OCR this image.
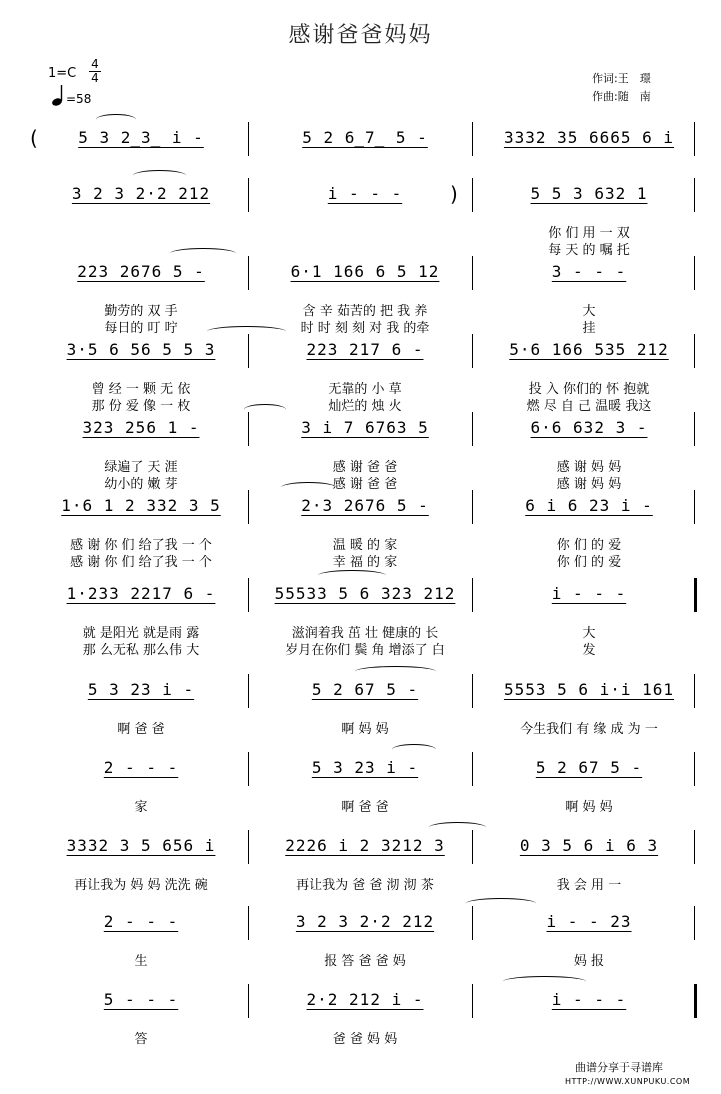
感谢爸爸妈妈
1=C
4
4
=58
作词:王　璟
作曲:随　南
5 3 2̲3̲ i -	5 2 6̲7̲ 5 -	3332 35 6665 6 i
(
3 2 3 2·2 212	i - - -	5 5 3 632 1
)
你 们 用 一 双
每 天 的 嘱 托
223 2676 5 -	6·1 166 6 5 12	3 - - -
勤劳的 双 手	含 辛 茹苦的 把 我 养	大
每日的 叮 咛	时 时 刻 刻 对 我 的牵	挂
3·5 6 56 5 5 3	223 217 6 -	5·6 166 535 212
曾 经 一 颗 无 依	无靠的 小 草	投 入 你们的 怀 抱就
那 份 爱 像 一 枚	灿烂的 烛 火	燃 尽 自 己 温暖 我这
323 256 1 -	3 i 7 6763 5	6·6 632 3 -
绿遍了 天 涯	感 谢 爸 爸	感 谢 妈 妈
幼小的 嫩 芽	感 谢 爸 爸	感 谢 妈 妈
1·6 1 2 332 3 5	2·3 2676 5 -	6 i 6 23 i -
感 谢 你 们 给了我 一 个	温 暖 的 家	你 们 的 爱
感 谢 你 们 给了我 一 个	幸 福 的 家	你 们 的 爱
1·233 2217 6 -	55533 5 6 323 212	i - - -
就 是阳光 就是雨 露	滋润着我 茁 壮 健康的 长	大
那 么无私 那么伟 大	岁月在你们 鬓 角 增添了 白	发
5 3 23 i -	5 2 67 5 -	5553 5 6 i·i 161
啊 爸 爸	啊 妈 妈	今生我们 有 缘 成 为 一
2 - - -	5 3 23 i -	5 2 67 5 -
家	啊 爸 爸	啊 妈 妈
3332 3 5 656 i	2226 i 2 3212 3	0 3 5 6 i 6 3
再让我为 妈 妈 洗洗 碗	再让我为 爸 爸 沏 沏 茶	我 会 用 一
2 - - -	3 2 3 2·2 212	i - - 23
生	报 答 爸 爸 妈	妈 报
5 - - -	2·2 212 i -	i - - -
答	爸 爸 妈 妈
曲谱分享于寻谱库
HTTP://WWW.XUNPUKU.COM
